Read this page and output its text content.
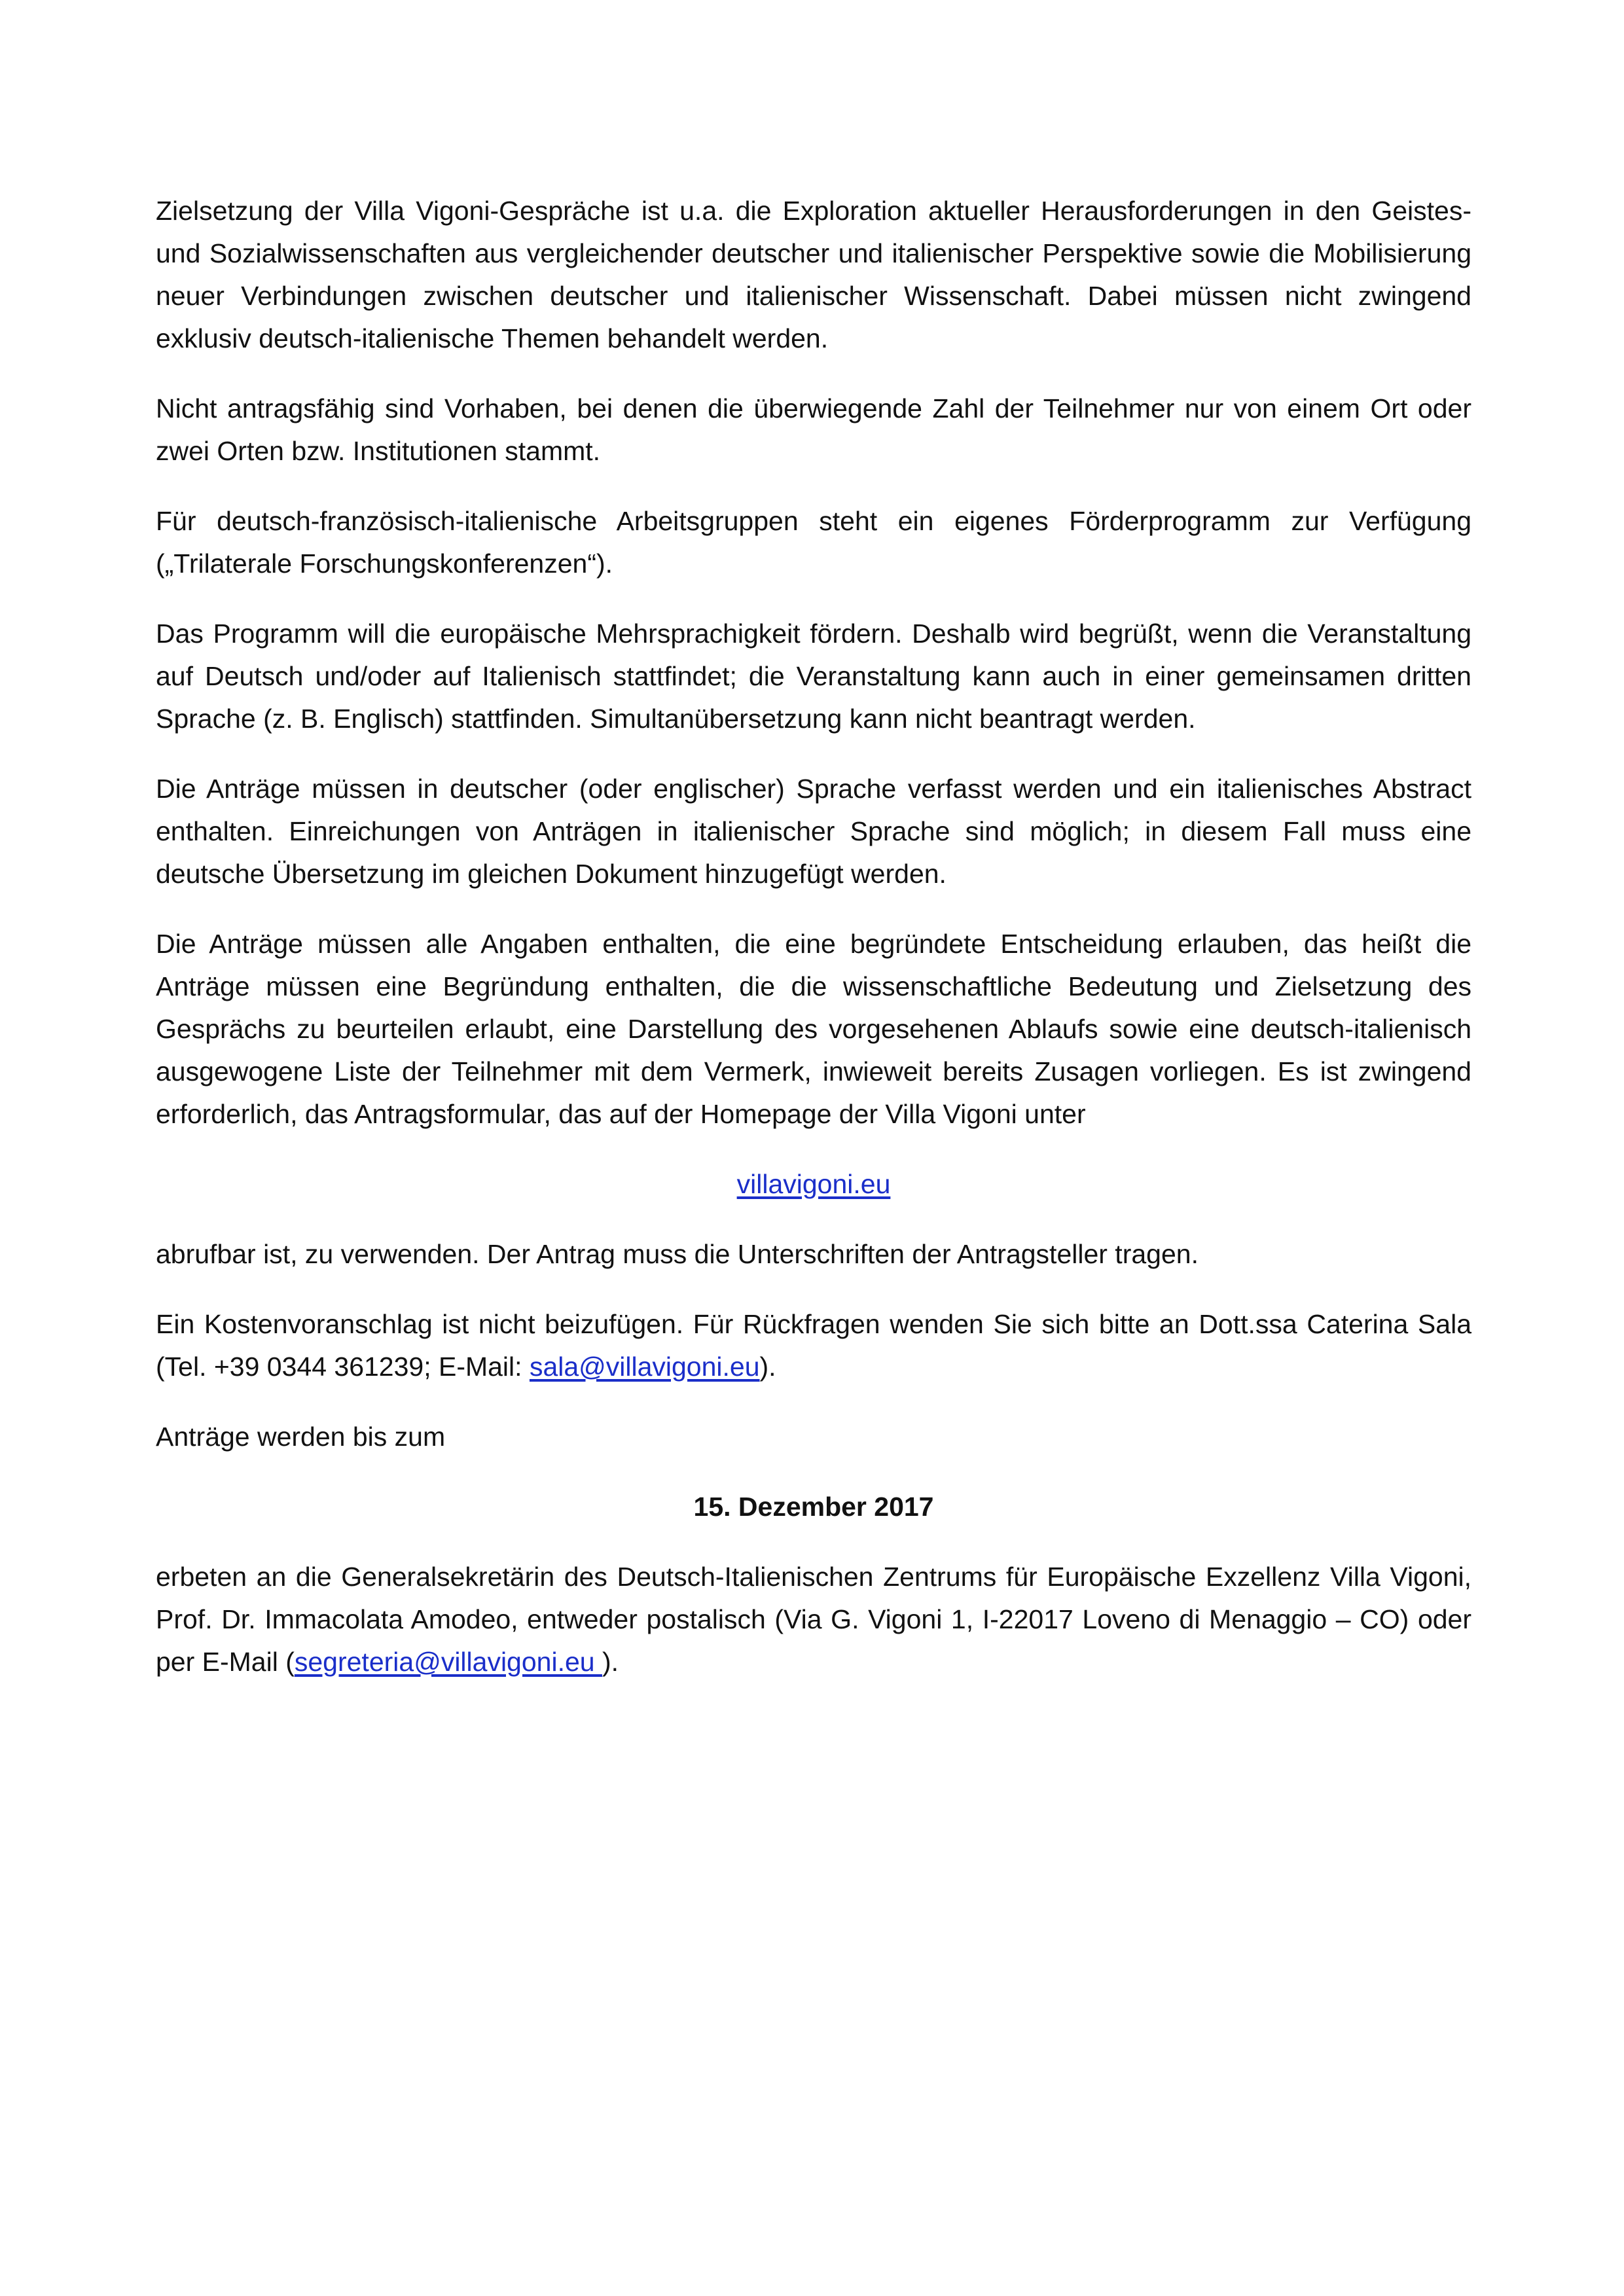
Zielsetzung der Villa Vigoni-Gespräche ist u.a. die Exploration aktueller Herausforderungen in den Geistes- und Sozialwissenschaften aus vergleichender deutscher und italienischer Perspektive sowie die Mobilisierung neuer Verbindungen zwischen deutscher und italienischer Wissenschaft. Dabei müssen nicht zwingend exklusiv deutsch-italienische Themen behandelt werden.

Nicht antragsfähig sind Vorhaben, bei denen die überwiegende Zahl der Teilnehmer nur von einem Ort oder zwei Orten bzw. Institutionen stammt.

Für deutsch-französisch-italienische Arbeitsgruppen steht ein eigenes Förderprogramm zur Verfügung („Trilaterale Forschungskonferenzen“).

Das Programm will die europäische Mehrsprachigkeit fördern. Deshalb wird begrüßt, wenn die Veranstaltung auf Deutsch und/oder auf Italienisch stattfindet; die Veranstaltung kann auch in einer gemeinsamen dritten Sprache (z. B. Englisch) stattfinden. Simultanübersetzung kann nicht beantragt werden.

Die Anträge müssen in deutscher (oder englischer) Sprache verfasst werden und ein italienisches Abstract enthalten. Einreichungen von Anträgen in italienischer Sprache sind möglich; in diesem Fall muss eine deutsche Übersetzung im gleichen Dokument hinzugefügt werden.

Die Anträge müssen alle Angaben enthalten, die eine begründete Entscheidung erlauben, das heißt die Anträge müssen eine Begründung enthalten, die die wissenschaftliche Bedeutung und Zielsetzung des Gesprächs zu beurteilen erlaubt, eine Darstellung des vorgesehenen Ablaufs sowie eine deutsch-italienisch ausgewogene Liste der Teilnehmer mit dem Vermerk, inwieweit bereits Zusagen vorliegen. Es ist zwingend erforderlich, das Antragsformular, das auf der Homepage der Villa Vigoni unter

villavigoni.eu

abrufbar ist, zu verwenden. Der Antrag muss die Unterschriften der Antragsteller tragen.

Ein Kostenvoranschlag ist nicht beizufügen. Für Rückfragen wenden Sie sich bitte an Dott.ssa Caterina Sala (Tel. +39 0344 361239; E-Mail: sala@villavigoni.eu).

Anträge werden bis zum

15. Dezember 2017

erbeten an die Generalsekretärin des Deutsch-Italienischen Zentrums für Europäische Exzellenz Villa Vigoni, Prof. Dr. Immacolata Amodeo, entweder postalisch (Via G. Vigoni 1, I-22017 Loveno di Menaggio – CO) oder per E-Mail (segreteria@villavigoni.eu ).
